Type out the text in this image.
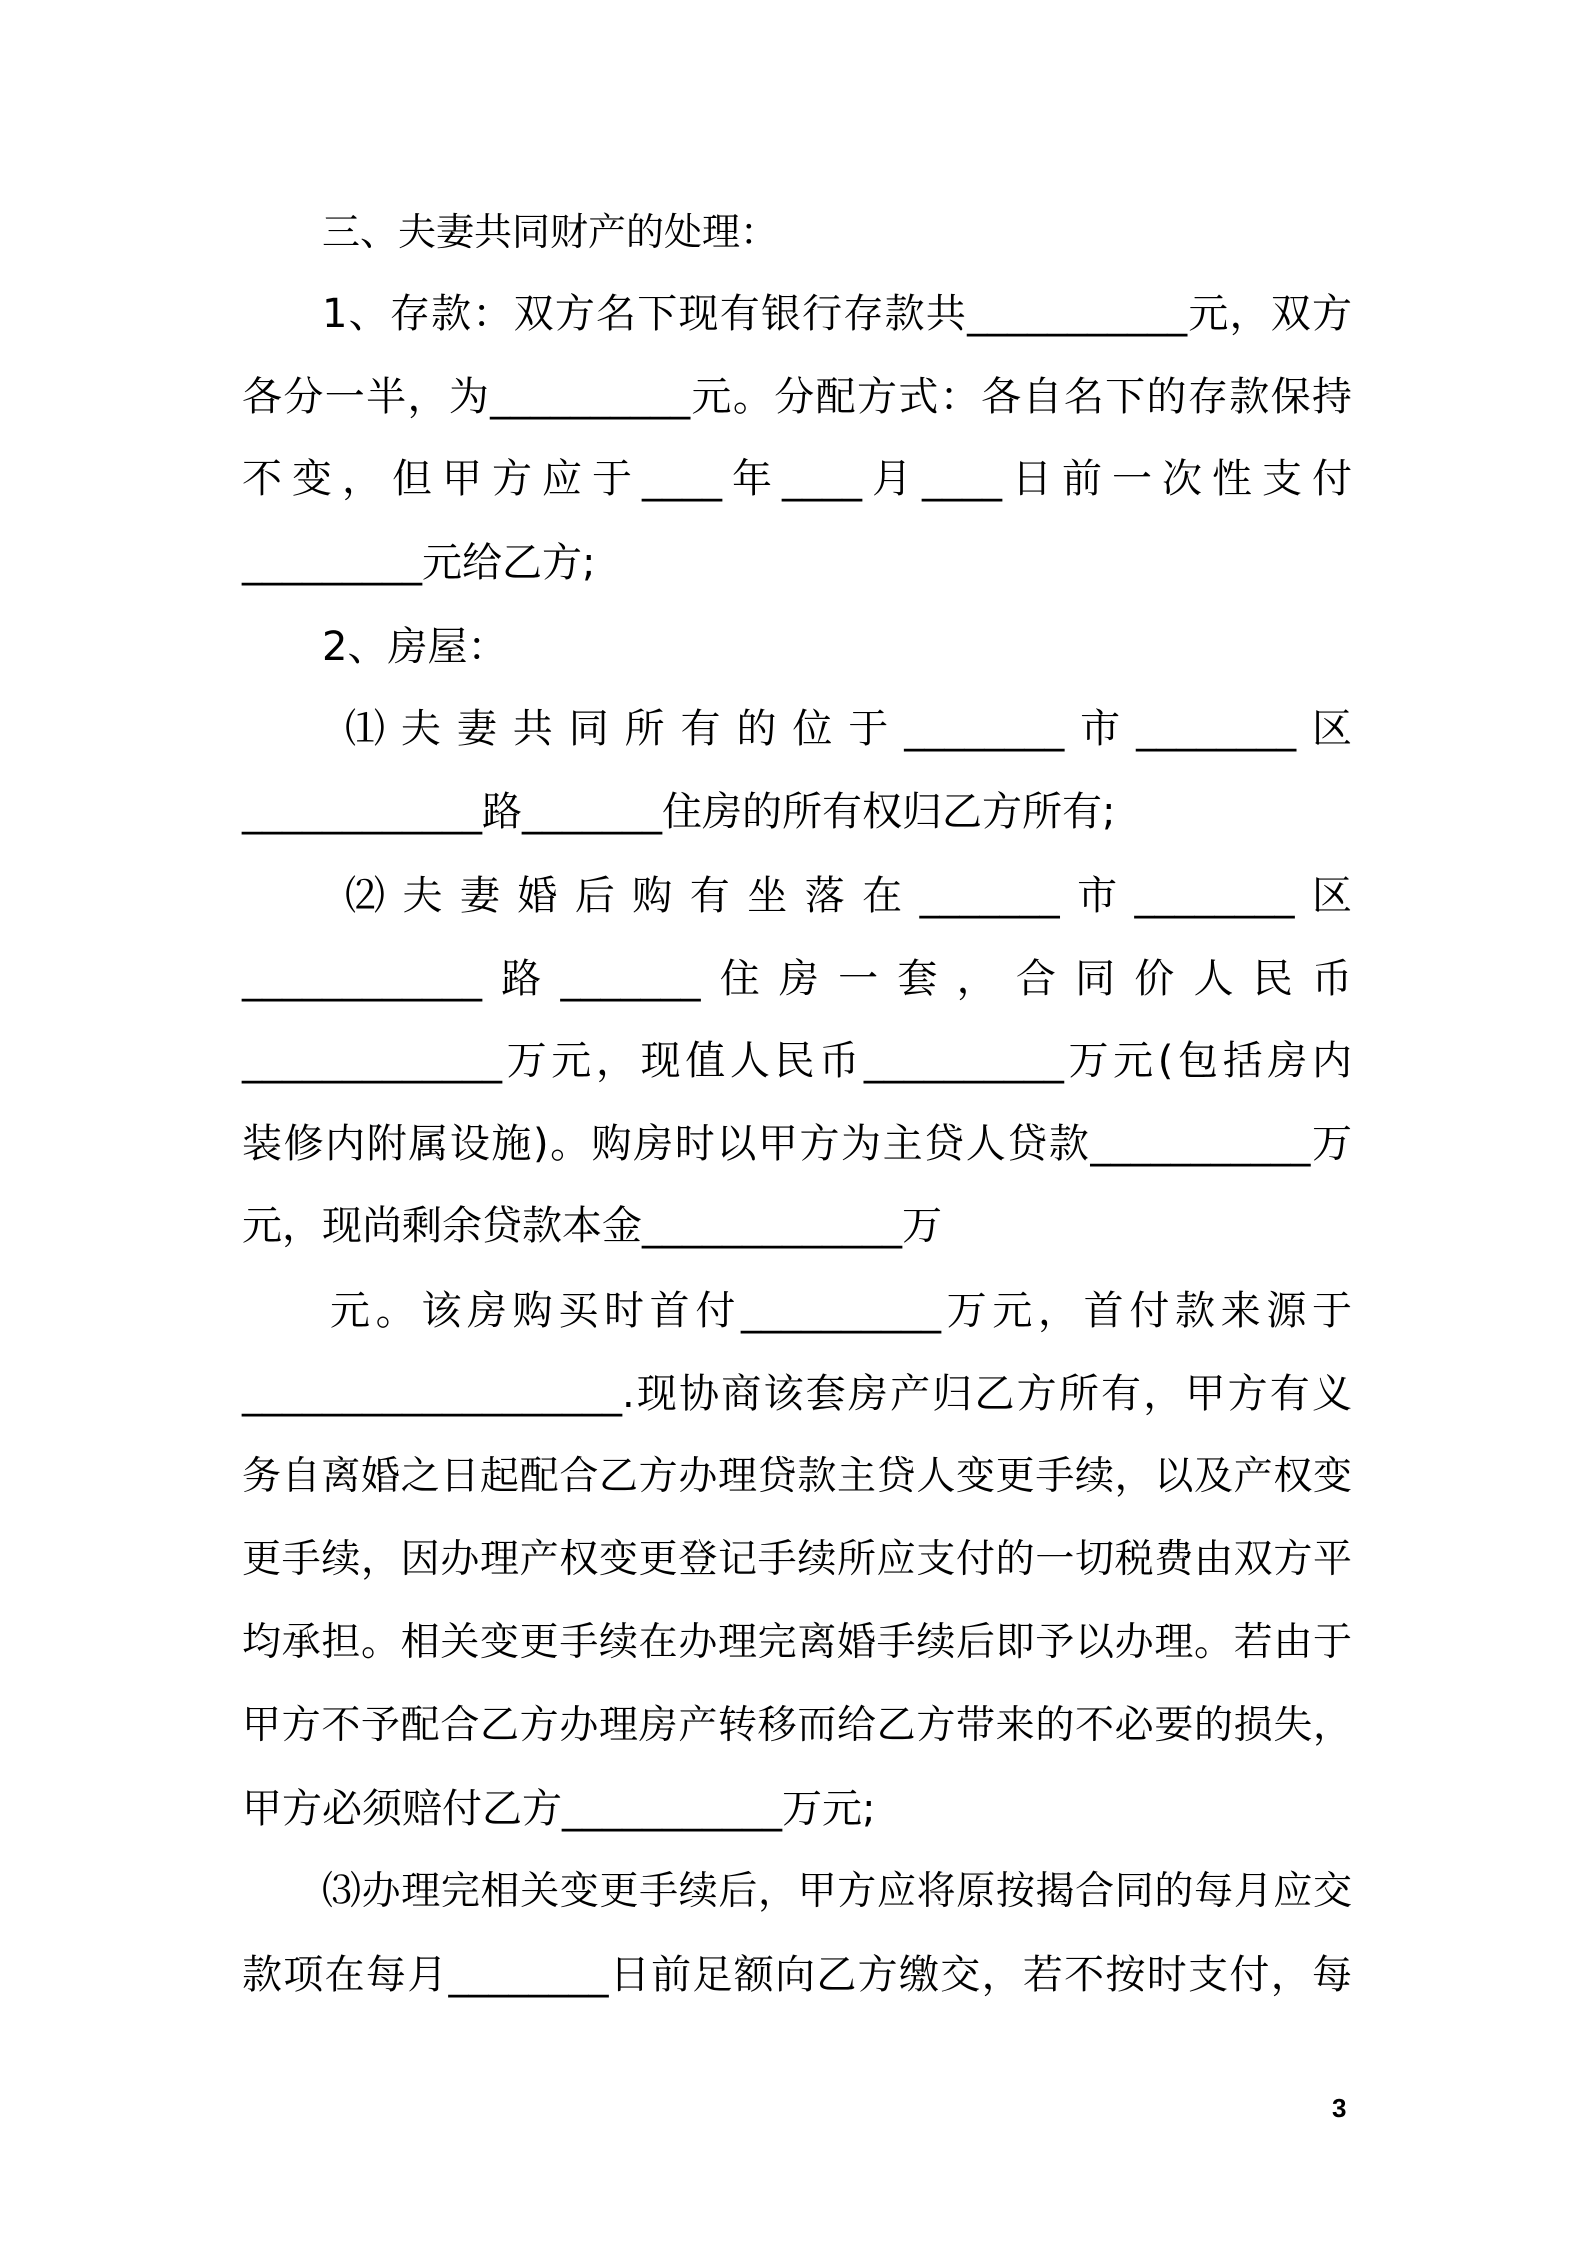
三、夫妻共同财产的处理：
1、存款：双方名下现有银行存款共___________元，双方
各分一半，为__________元。分配方式：各自名下的存款保持
不变，但甲方应于____年____月____日前一次性支付
_________元给乙方;
2、房屋：
⑴夫妻共同所有的位于________市________区
____________路_______住房的所有权归乙方所有;
⑵夫妻婚后购有坐落在_______市________区
____________路_______住房一套，合同价人民币
_____________万元，现值人民币__________万元(包括房内
装修内附属设施)。购房时以甲方为主贷人贷款___________万
元，现尚剩余贷款本金_____________万
元。该房购买时首付__________万元，首付款来源于
___________________.现协商该套房产归乙方所有，甲方有义
务自离婚之日起配合乙方办理贷款主贷人变更手续，以及产权变
更手续，因办理产权变更登记手续所应支付的一切税费由双方平
均承担。相关变更手续在办理完离婚手续后即予以办理。若由于
甲方不予配合乙方办理房产转移而给乙方带来的不必要的损失，
甲方必须赔付乙方___________万元;
⑶办理完相关变更手续后，甲方应将原按揭合同的每月应交
款项在每月________日前足额向乙方缴交，若不按时支付，每
3
